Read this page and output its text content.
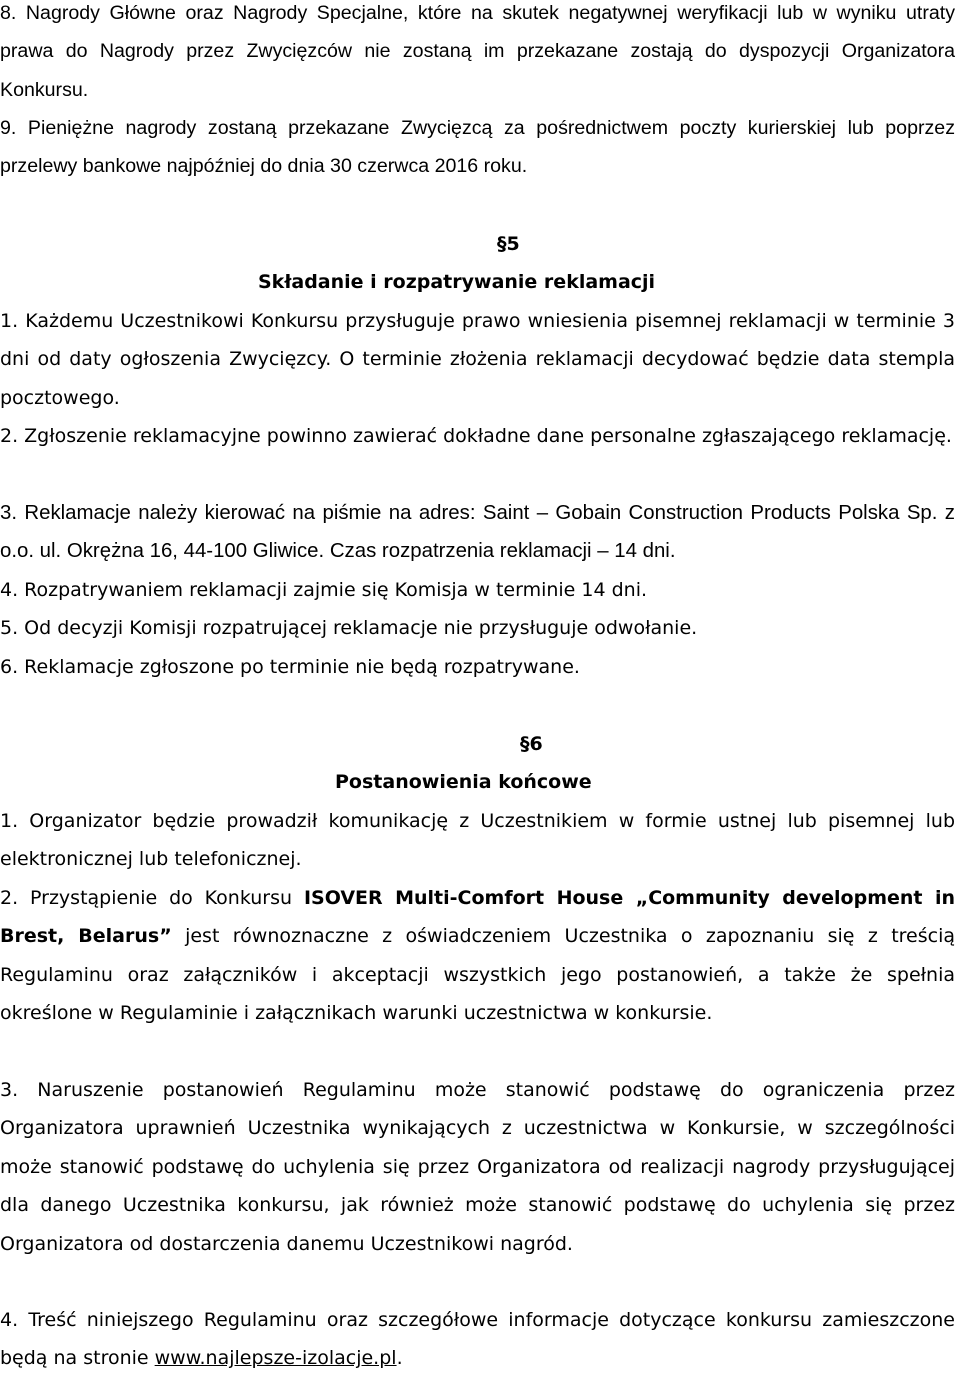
8. Nagrody Główne oraz Nagrody Specjalne, które na skutek negatywnej weryfikacji lub w wyniku utraty prawa do Nagrody przez Zwycięzców nie zostaną im przekazane zostają do dyspozycji Organizatora Konkursu.

9. Pieniężne nagrody zostaną przekazane Zwycięzcą za pośrednictwem poczty kurierskiej lub poprzez przelewy bankowe najpóźniej do dnia 30 czerwca 2016 roku.

§5
Składanie i rozpatrywanie reklamacji

1. Każdemu Uczestnikowi Konkursu przysługuje prawo wniesienia pisemnej reklamacji w terminie 3 dni od daty ogłoszenia Zwycięzcy. O terminie złożenia reklamacji decydować będzie data stempla pocztowego.

2. Zgłoszenie reklamacyjne powinno zawierać dokładne dane personalne zgłaszającego reklamację.

3. Reklamacje należy kierować na piśmie na adres: Saint – Gobain Construction Products Polska Sp. z o.o. ul. Okrężna 16, 44-100 Gliwice. Czas rozpatrzenia reklamacji – 14 dni.

4. Rozpatrywaniem reklamacji zajmie się Komisja w terminie 14 dni.

5. Od decyzji Komisji rozpatrującej reklamacje nie przysługuje odwołanie.

6. Reklamacje zgłoszone po terminie nie będą rozpatrywane.

§6
Postanowienia końcowe

1. Organizator będzie prowadził komunikację z Uczestnikiem w formie ustnej lub pisemnej lub elektronicznej lub telefonicznej.

2. Przystąpienie do Konkursu ISOVER Multi-Comfort House „Community development in Brest, Belarus” jest równoznaczne z oświadczeniem Uczestnika o zapoznaniu się z treścią Regulaminu oraz załączników i akceptacji wszystkich jego postanowień, a także że spełnia określone w Regulaminie i załącznikach warunki uczestnictwa w konkursie.

3. Naruszenie postanowień Regulaminu może stanowić podstawę do ograniczenia przez Organizatora uprawnień Uczestnika wynikających z uczestnictwa w Konkursie, w szczególności może stanowić podstawę do uchylenia się przez Organizatora od realizacji nagrody przysługującej dla danego Uczestnika konkursu, jak również może stanowić podstawę do uchylenia się przez Organizatora od dostarczenia danemu Uczestnikowi nagród.

4. Treść niniejszego Regulaminu oraz szczegółowe informacje dotyczące konkursu zamieszczone będą na stronie www.najlepsze-izolacje.pl.
